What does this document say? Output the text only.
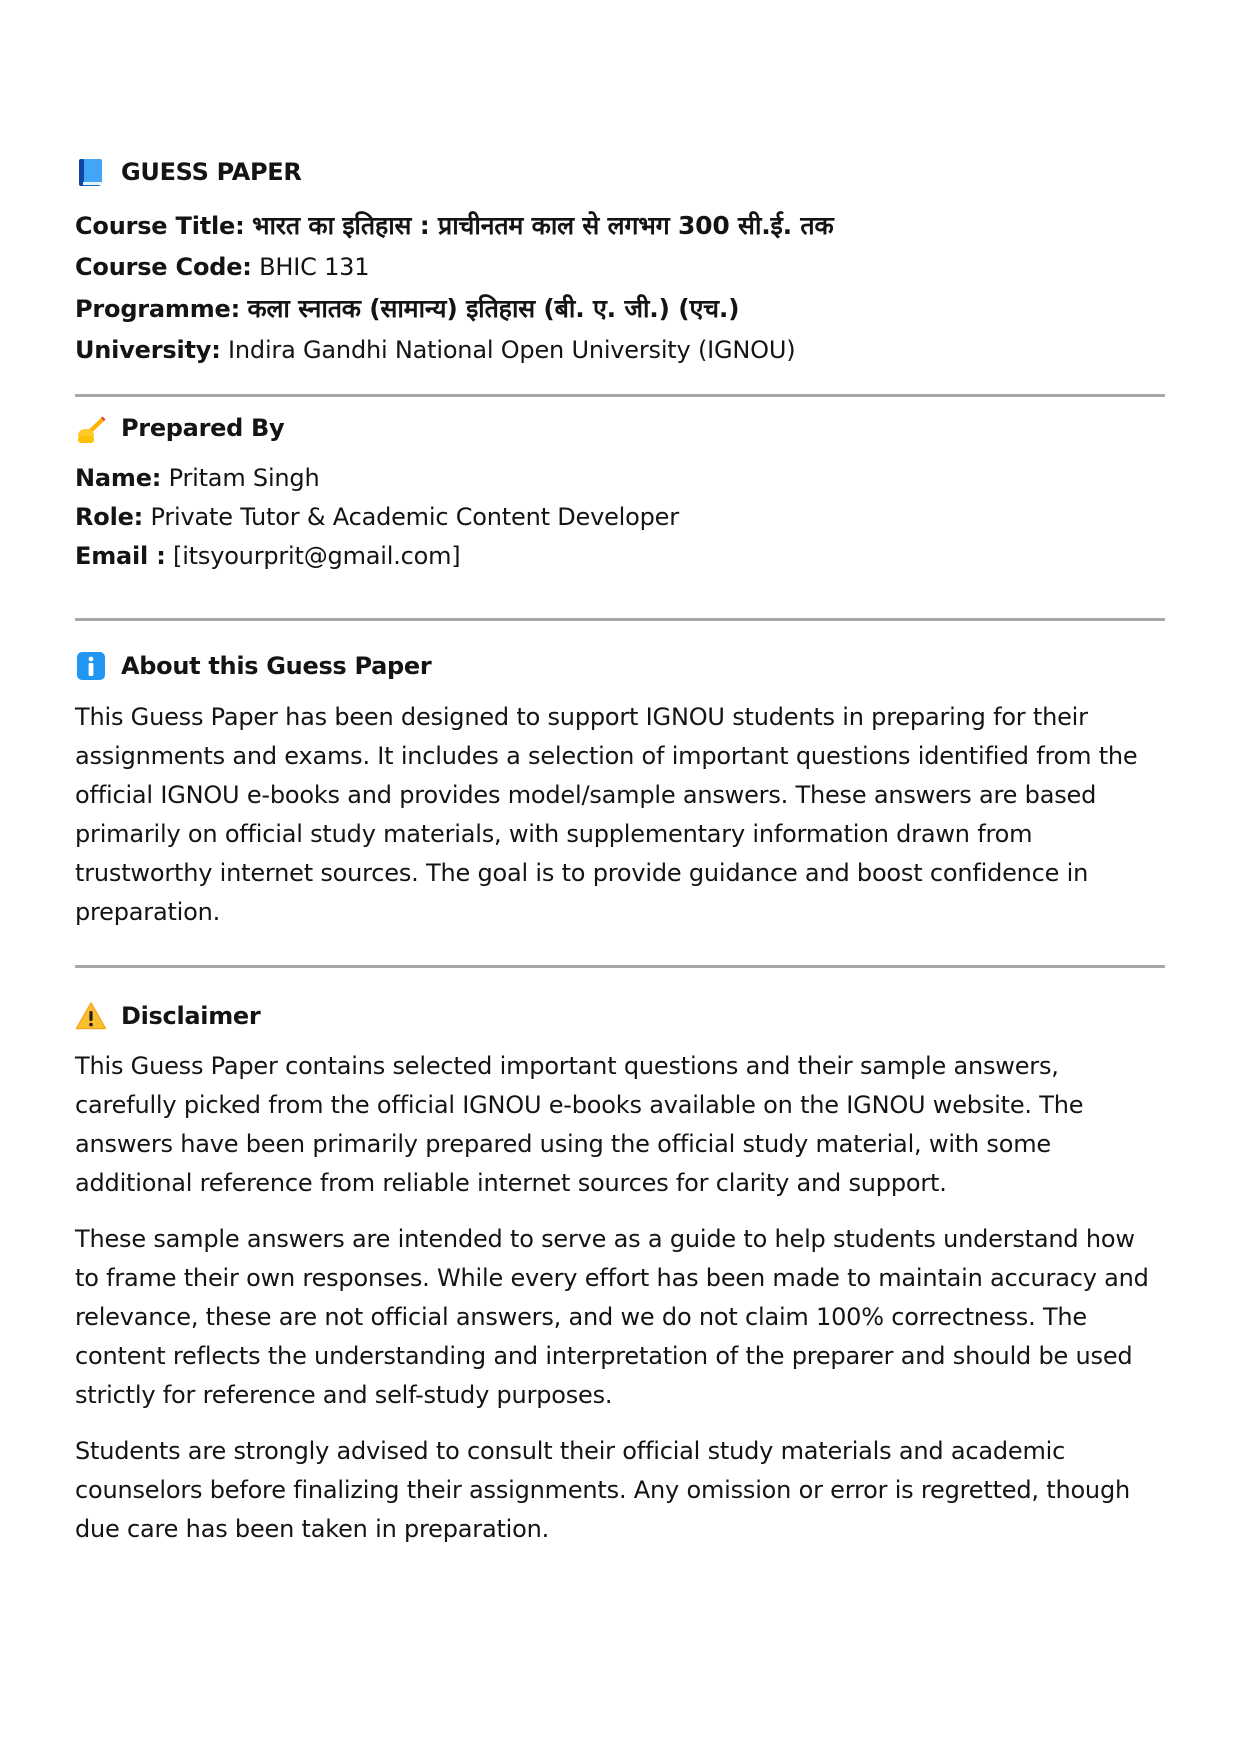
GUESS PAPER
Course Title: भारत का इतिहास : प्राचीनतम काल से लगभग 300 सी.ई. तक
Course Code: BHIC 131
Programme: कला स्नातक (सामान्य) इतिहास (बी. ए. जी.) (एच.)
University: Indira Gandhi National Open University (IGNOU)
Prepared By
Name: Pritam Singh
Role: Private Tutor & Academic Content Developer
Email : [itsyourprit@gmail.com]
About this Guess Paper

This Guess Paper has been designed to support IGNOU students in preparing for their assignments and exams. It includes a selection of important questions identified from the official IGNOU e-books and provides model/sample answers. These answers are based primarily on official study materials, with supplementary information drawn from trustworthy internet sources. The goal is to provide guidance and boost confidence in preparation.

Disclaimer

This Guess Paper contains selected important questions and their sample answers, carefully picked from the official IGNOU e-books available on the IGNOU website. The answers have been primarily prepared using the official study material, with some additional reference from reliable internet sources for clarity and support.

These sample answers are intended to serve as a guide to help students understand how to frame their own responses. While every effort has been made to maintain accuracy and relevance, these are not official answers, and we do not claim 100% correctness. The content reflects the understanding and interpretation of the preparer and should be used strictly for reference and self-study purposes.

Students are strongly advised to consult their official study materials and academic counselors before finalizing their assignments. Any omission or error is regretted, though due care has been taken in preparation.
